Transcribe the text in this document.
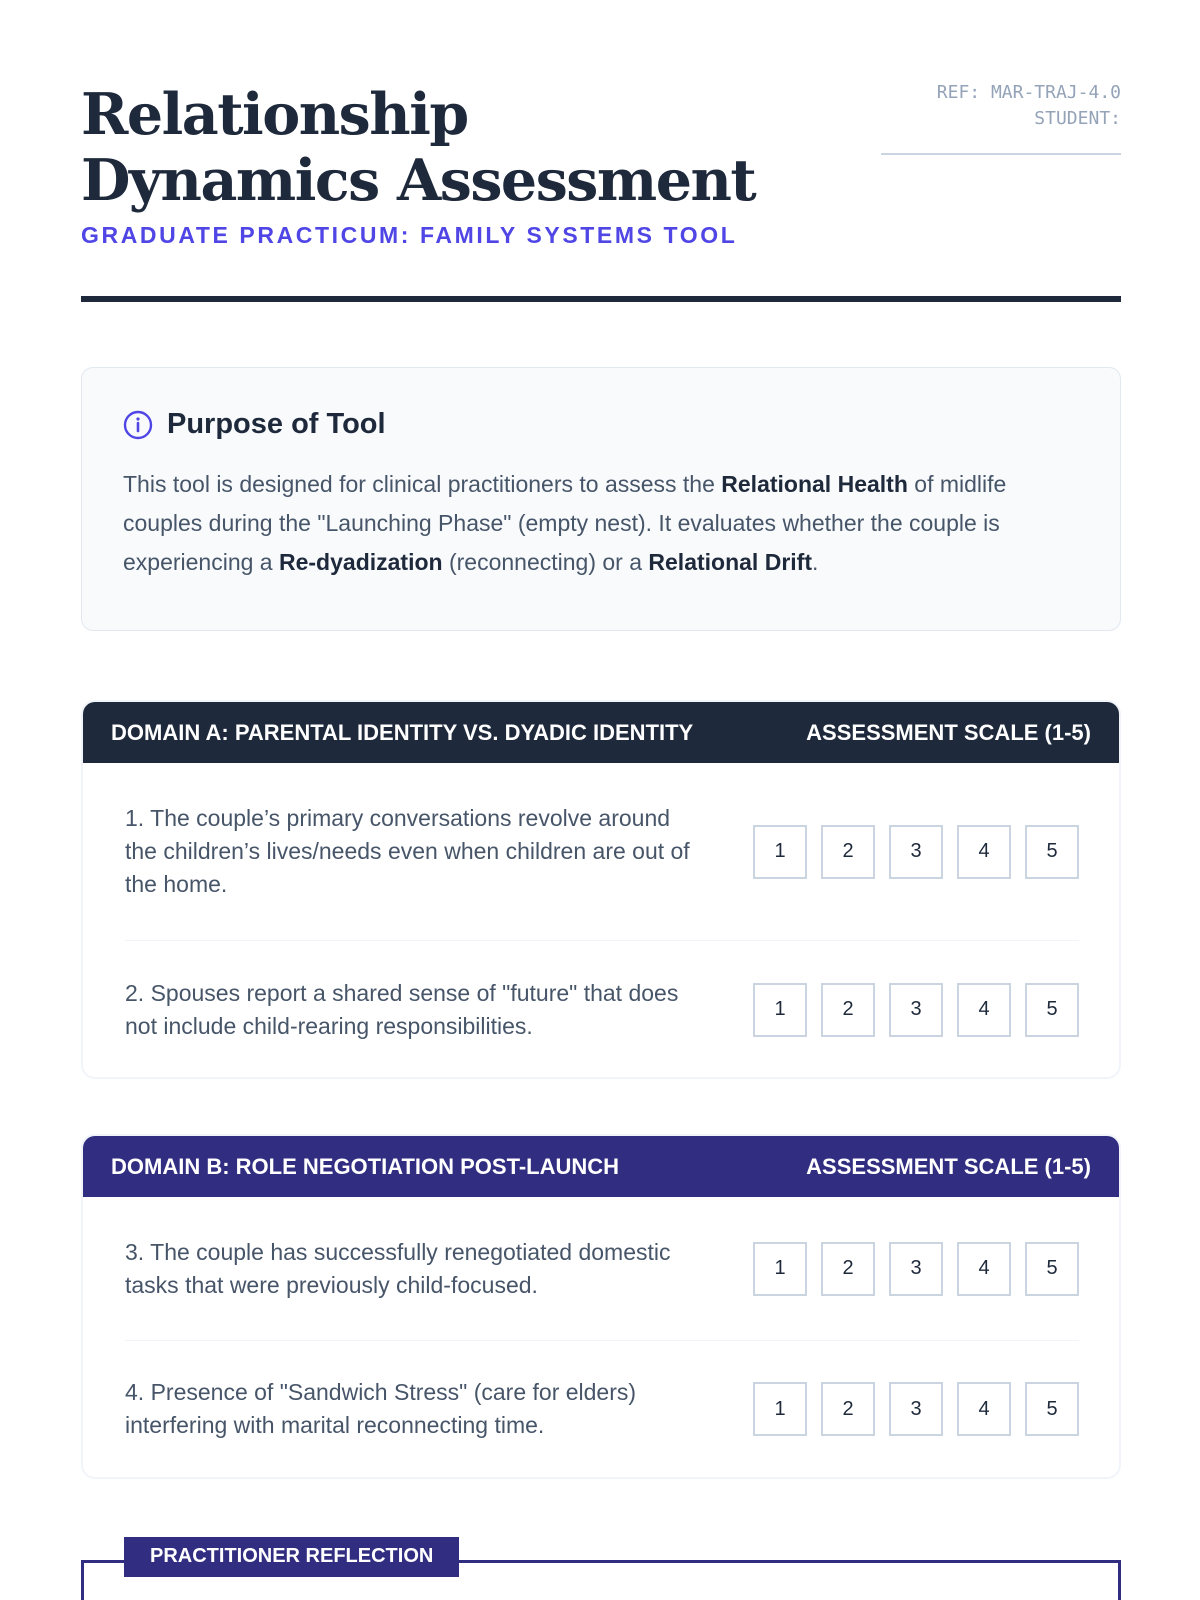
Relationship Dynamics Assessment
GRADUATE PRACTICUM: FAMILY SYSTEMS TOOL
REF: MAR-TRAJ-4.0
STUDENT:
Purpose of Tool

This tool is designed for clinical practitioners to assess the Relational Health of midlife couples during the "Launching Phase" (empty nest). It evaluates whether the couple is experiencing a Re-dyadization (reconnecting) or a Relational Drift.

DOMAIN A: PARENTAL IDENTITY VS. DYADIC IDENTITY	ASSESSMENT SCALE (1-5)
1. The couple’s primary conversations revolve around the children’s lives/needs even when children are out of the home.
1	2	3	4	5
2. Spouses report a shared sense of "future" that does not include child-rearing responsibilities.
1	2	3	4	5
DOMAIN B: ROLE NEGOTIATION POST-LAUNCH	ASSESSMENT SCALE (1-5)
3. The couple has successfully renegotiated domestic tasks that were previously child-focused.
1	2	3	4	5
4. Presence of "Sandwich Stress" (care for elders) interfering with marital reconnecting time.
1	2	3	4	5
PRACTITIONER REFLECTION
